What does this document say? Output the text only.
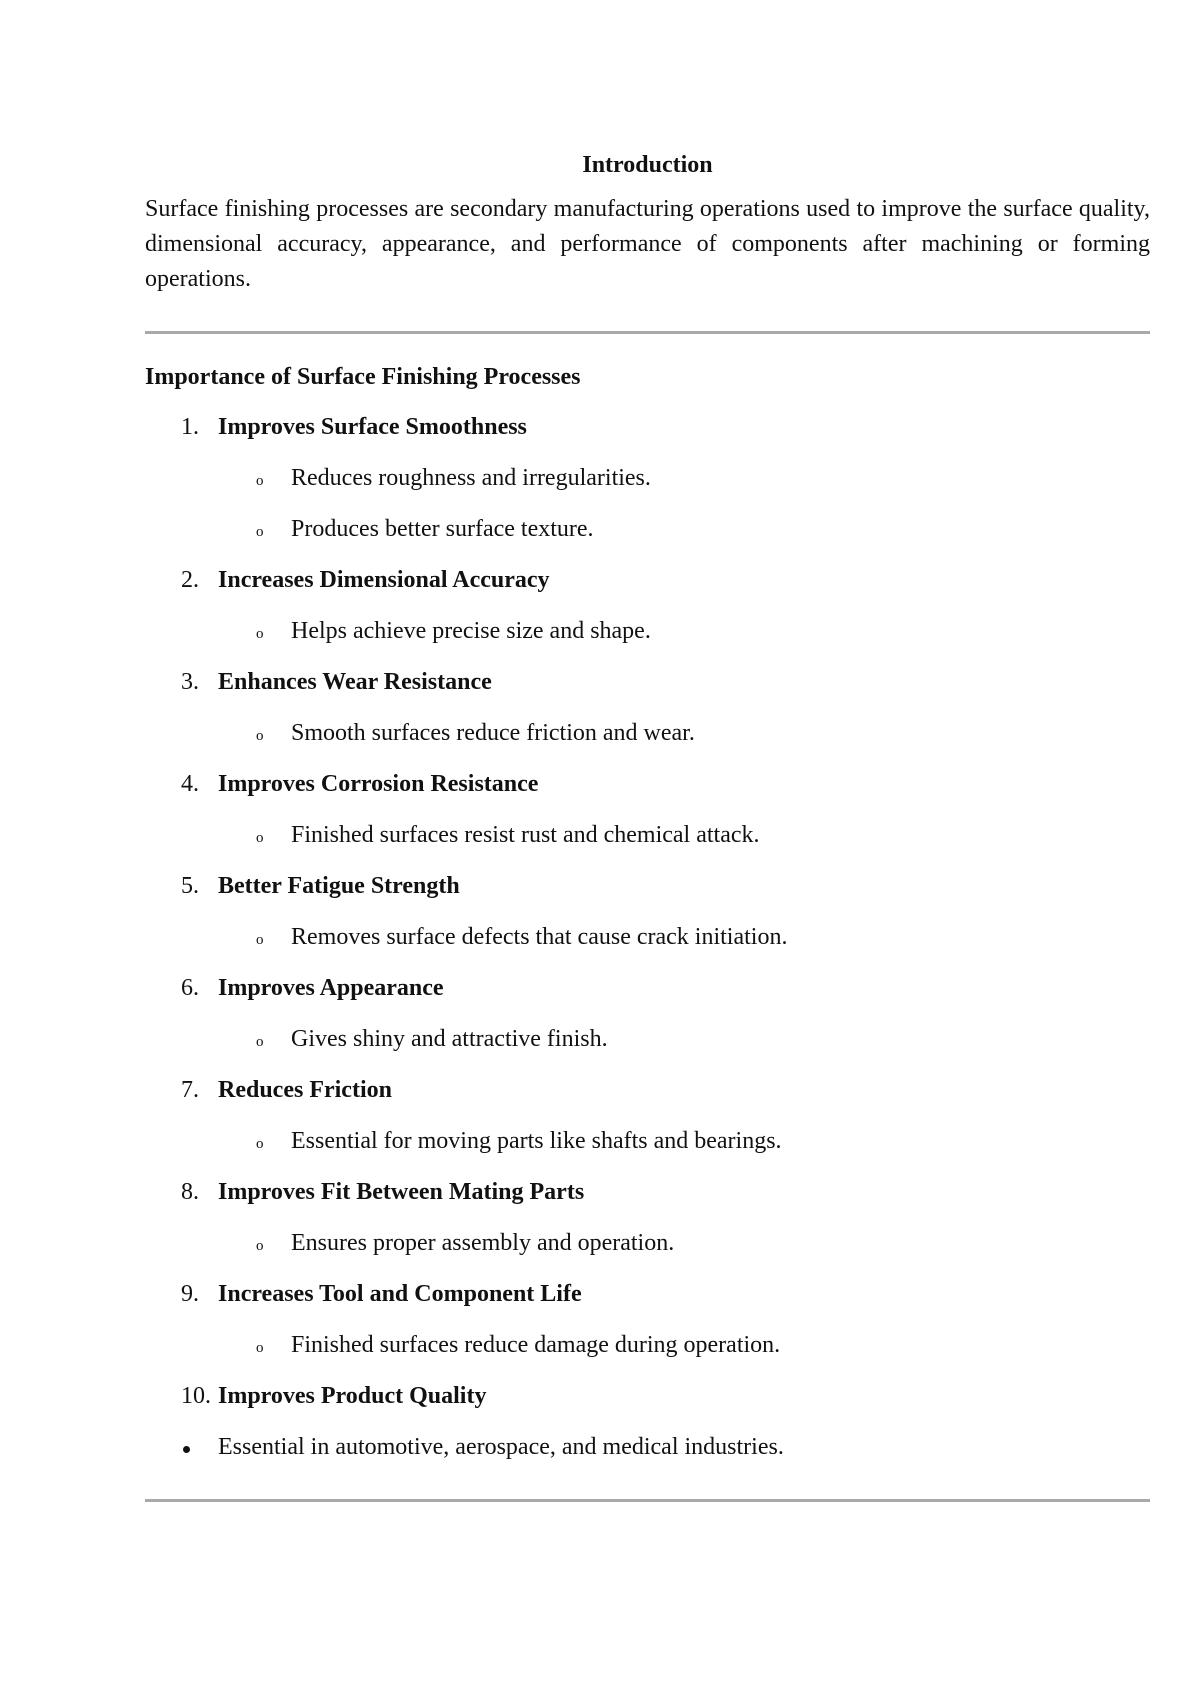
Introduction

Surface finishing processes are secondary manufacturing operations used to improve the surface quality, dimensional accuracy, appearance, and performance of components after machining or forming operations.

Importance of Surface Finishing Processes
1. Improves Surface Smoothness
o Reduces roughness and irregularities.
o Produces better surface texture.
2. Increases Dimensional Accuracy
o Helps achieve precise size and shape.
3. Enhances Wear Resistance
o Smooth surfaces reduce friction and wear.
4. Improves Corrosion Resistance
o Finished surfaces resist rust and chemical attack.
5. Better Fatigue Strength
o Removes surface defects that cause crack initiation.
6. Improves Appearance
o Gives shiny and attractive finish.
7. Reduces Friction
o Essential for moving parts like shafts and bearings.
8. Improves Fit Between Mating Parts
o Ensures proper assembly and operation.
9. Increases Tool and Component Life
o Finished surfaces reduce damage during operation.
10. Improves Product Quality
Essential in automotive, aerospace, and medical industries.
